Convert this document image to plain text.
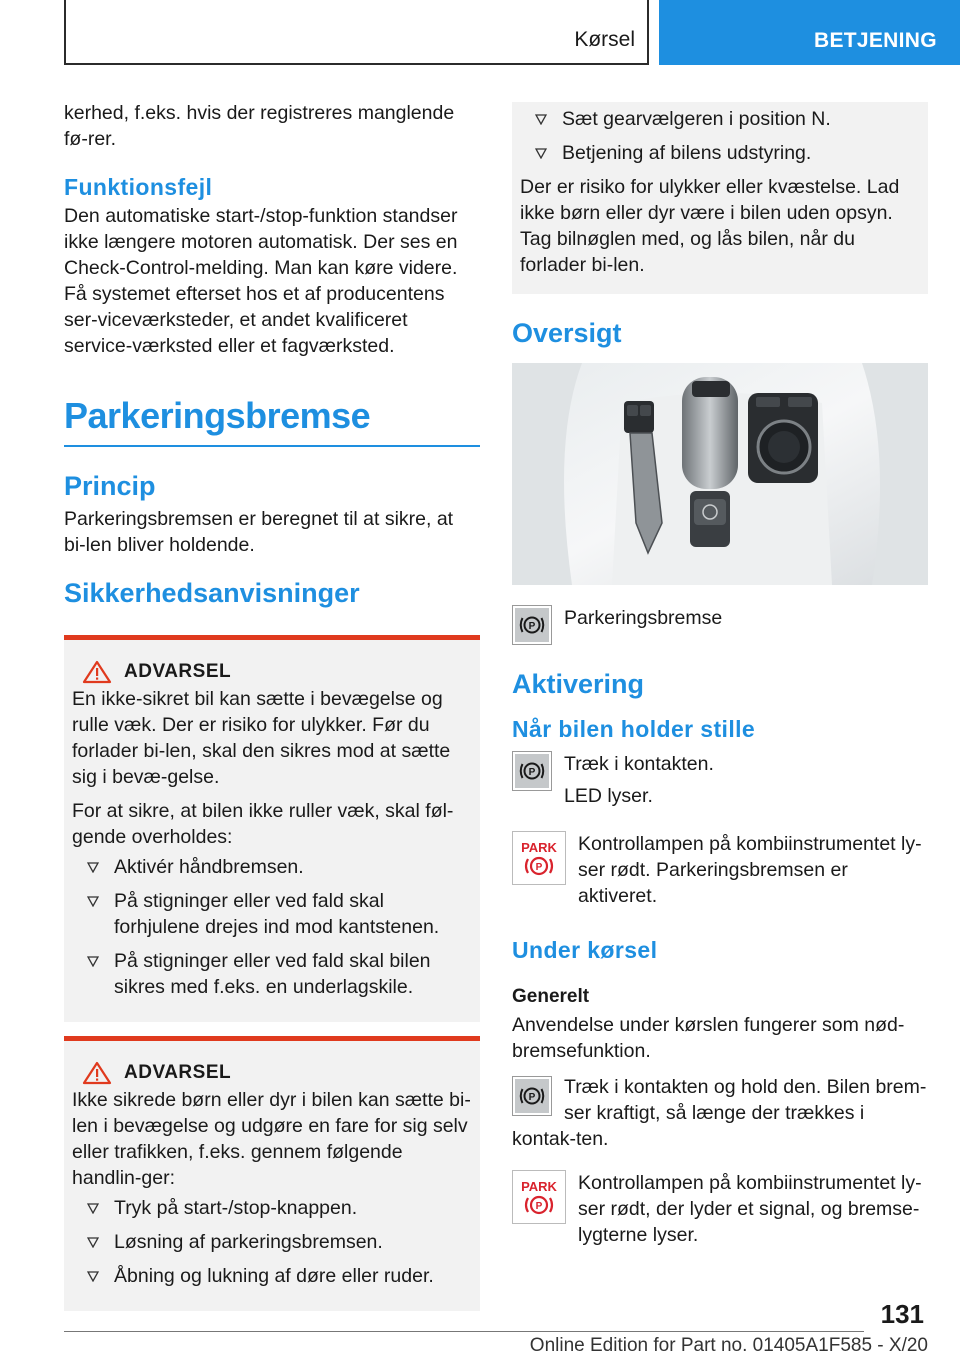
Kørsel	BETJENING

kerhed, f.eks. hvis der registreres manglende fø-rer.

Funktionsfejl

Den automatiske start-/stop-funktion standser ikke længere motoren automatisk. Der ses en Check-Control-melding. Man kan køre videre. Få systemet efterset hos et af producentens ser-viceværksteder, et andet kvalificeret service-værksted eller et fagværksted.

Parkeringsbremse
Princip

Parkeringsbremsen er beregnet til at sikre, at bi-len bliver holdende.

Sikkerhedsanvisninger
ADVARSEL

En ikke-sikret bil kan sætte i bevægelse og rulle væk. Der er risiko for ulykker. Før du forlader bi-len, skal den sikres mod at sætte sig i bevæ-gelse.

For at sikre, at bilen ikke ruller væk, skal føl-gende overholdes:

Aktivér håndbremsen.
På stigninger eller ved fald skal forhjulene drejes ind mod kantstenen.
På stigninger eller ved fald skal bilen sikres med f.eks. en underlagskile.
ADVARSEL

Ikke sikrede børn eller dyr i bilen kan sætte bi-len i bevægelse og udgøre en fare for sig selv eller trafikken, f.eks. gennem følgende handlin-ger:

Tryk på start-/stop-knappen.
Løsning af parkeringsbremsen.
Åbning og lukning af døre eller ruder.
Sæt gearvælgeren i position N.
Betjening af bilens udstyring.

Der er risiko for ulykker eller kvæstelse. Lad ikke børn eller dyr være i bilen uden opsyn. Tag bilnøglen med, og lås bilen, når du forlader bi-len.

Oversigt
P Parkeringsbremse
Aktivering
Når bilen holder stille
P Træk i kontakten.
LED lyser.
PARK
P
Kontrollampen på kombiinstrumentet ly-ser rødt. Parkeringsbremsen er aktiveret.
Under kørsel
Generelt

Anvendelse under kørslen fungerer som nød-bremsefunktion.

P Træk i kontakten og hold den. Bilen brem-ser kraftigt, så længe der trækkes i kontak-ten.
PARK
P
Kontrollampen på kombiinstrumentet ly-ser rødt, der lyder et signal, og bremse-lygterne lyser.
131
Online Edition for Part no. 01405A1F585 - X/20
